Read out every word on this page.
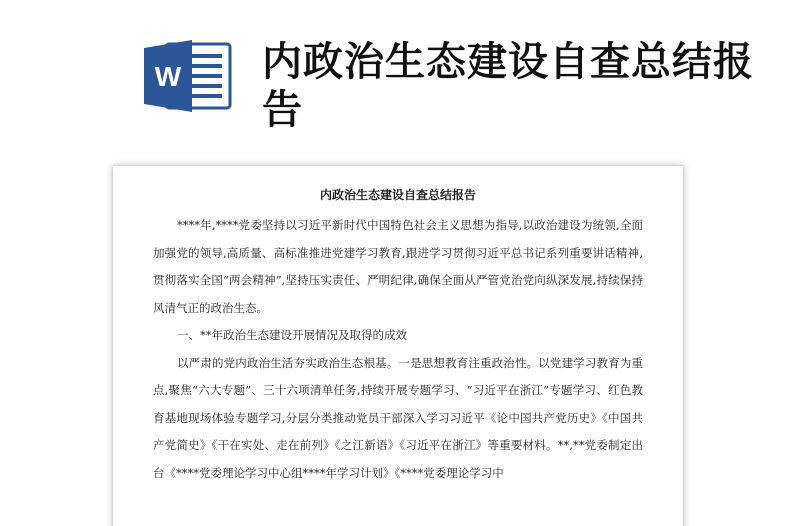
W 内政治生态建设自查总结报告
内政治生态建设自查总结报告

****年,****党委坚持以习近平新时代中国特色社会主义思想为指导,以政治建设为统领,全面加强党的领导,高质量、高标准推进党建学习教育,跟进学习贯彻习近平总书记系列重要讲话精神,贯彻落实全国“两会精神”,坚持压实责任、严明纪律,确保全面从严管党治党向纵深发展,持续保持风清气正的政治生态。

一、**年政治生态建设开展情况及取得的成效

以严肃的党内政治生活夯实政治生态根基。一是思想教育注重政治性。以党建学习教育为重点,聚焦“六大专题”、三十六项清单任务,持续开展专题学习、“习近平在浙江”专题学习、红色教育基地现场体验专题学习,分层分类推动党员干部深入学习习近平《论中国共产党历史》《中国共产党简史》《干在实处、走在前列》《之江新语》《习近平在浙江》等重要材料。**,**党委制定出台《****党委理论学习中心组****年学习计划》《****党委理论学习中
